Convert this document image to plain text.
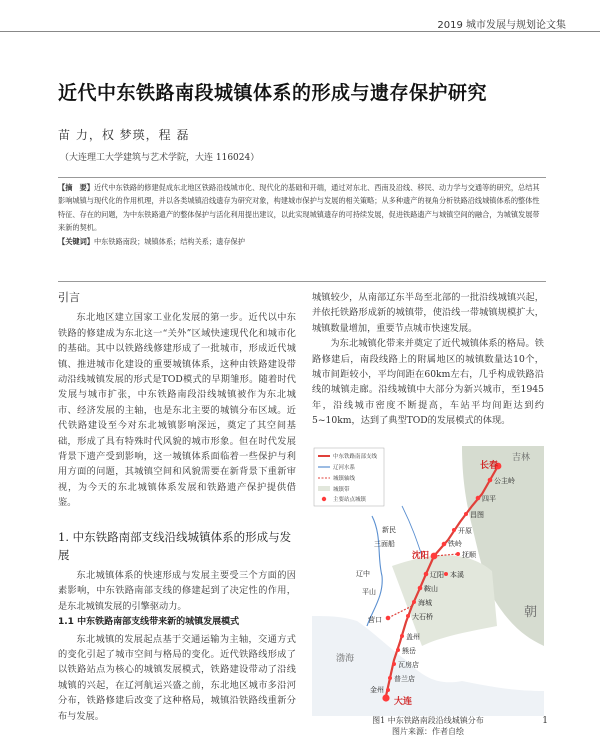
2019 城市发展与规划论文集
近代中东铁路南段城镇体系的形成与遗存保护研究
苗 力，权 梦瑛，程 磊
（大连理工大学建筑与艺术学院，大连 116024）
【摘　要】近代中东铁路的修建促成东北地区铁路沿线城市化、现代化的基础和开端，通过对东北、西南及沿线、移民、动力学与交通等的研究，总结其影响城镇与现代化的作用机理，并以各类城镇沿线遗存为研究对象，构建城市保护与发展的相关策略；从多种遗产的视角分析铁路沿线城镇体系的整体性特征、存在的问题，为中东铁路遗产的整体保护与活化利用提出建议，以此实现城镇遗存的可持续发展，促进铁路遗产与城镇空间的融合，为城镇发展带来新的契机。
【关键词】中东铁路南段；城镇体系；结构关系；遗存保护
引言

东北地区建立国家工业化发展的第一步。近代以中东铁路的修建成为东北这一“关外”区域快速现代化和城市化的基础。其中以铁路线修建形成了一批城市，形成近代城镇、推进城市化建设的重要城镇体系，这种由铁路建设带动沿线城镇发展的形式是TOD模式的早期雏形。随着时代发展与城市扩张，中东铁路南段沿线城镇被作为东北城市、经济发展的主轴，也是东北主要的城镇分布区域。近代铁路建设至今对东北城镇影响深远，奠定了其空间基础，形成了具有特殊时代风貌的城市形象。但在时代发展背景下遗产受到影响，这一城镇体系面临着一些保护与利用方面的问题，其城镇空间和风貌需要在新背景下重新审视，为今天的东北城镇体系发展和铁路遗产保护提供借鉴。

1. 中东铁路南部支线沿线城镇体系的形成与发展

东北城镇体系的快速形成与发展主要受三个方面的因素影响，中东铁路南部支线的修建起到了决定性的作用，是东北城镇发展的引擎驱动力。

1.1 中东铁路南部支线带来新的城镇发展模式

东北城镇的发展起点基于交通运输为主轴，交通方式的变化引起了城市空间与格局的变化。近代铁路线形成了以铁路站点为核心的城镇发展模式，铁路建设带动了沿线城镇的兴起，在辽河航运兴盛之前，东北地区城市多沿河分布，铁路修建后改变了这种格局，城镇沿铁路线重新分布与发展。

城镇较少，从南部辽东半岛至北部的一批沿线城镇兴起，并依托铁路形成新的城镇带，使沿线一带城镇规模扩大，城镇数量增加，重要节点城市快速发展。

为东北城镇化带来并奠定了近代城镇体系的格局。铁路修建后，南段线路上的附属地区的城镇数量达10个，城市间距较小，平均间距在60km左右，几乎构成铁路沿线的城镇走廊。沿线城镇中大部分为新兴城市，至1945年，沿线城市密度不断提高，车站平均间距达到约5~10km，达到了典型TOD的发展模式的体现。

长春
公主岭
四平
昌图
开原
铁岭
沈阳
辽阳
鞍山
海城
大石桥
营口
盖州
熊岳
瓦房店
普兰店
金州
大连
抚顺
本溪
三面船
辽中
新民
平山
吉林
朝
渤海
中东铁路南部支线
辽河水系
城镇轴线
城镇带
主要站点城镇
图1 中东铁路南段沿线城镇分布
图片来源：作者自绘
1
